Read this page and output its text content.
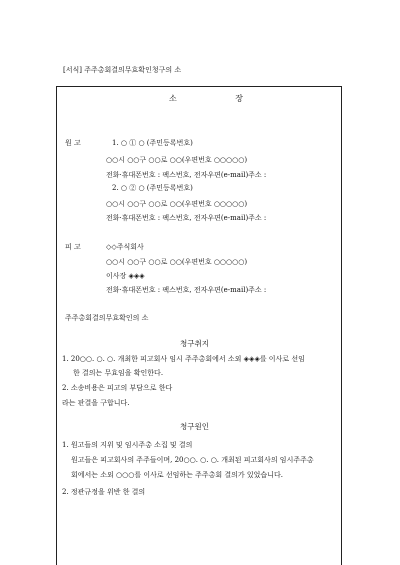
[서식] 주주총회결의무효확인청구의 소
소 장
원 고	1. ○ ① ○ (주민등록번호)
○○시 ○○구 ○○로 ○○(우편번호 ○○○○○)
전화·휴대폰번호 : 팩스번호, 전자우편(e-mail)주소 :
2. ○ ② ○ (주민등록번호)
○○시 ○○구 ○○로 ○○(우편번호 ○○○○○)
전화·휴대폰번호 : 팩스번호, 전자우편(e-mail)주소 :
피 고	◇◇주식회사
○○시 ○○구 ○○로 ○○(우편번호 ○○○○○)
이사장 ◈◈◈
전화·휴대폰번호 : 팩스번호, 전자우편(e-mail)주소 :
주주총회결의무효확인의 소
청구취지
1. 20○○. ○. ○. 개최한 피고회사 임시 주주총회에서 소외 ◈◈◈를 이사로 선임
한 결의는 무효임을 확인한다.
2. 소송비용은 피고의 부담으로 한다
라는 판결을 구합니다.
청구원인
1. 원고들의 지위 및 임시주총 소집 및 결의
원고들은 피고회사의 주주들이며, 20○○. ○. ○. 개최된 피고회사의 임시주주총
회에서는 소외 ○○○를 이사로 선임하는 주주총회 결의가 있었습니다.
2. 정관규정을 위반 한 결의
